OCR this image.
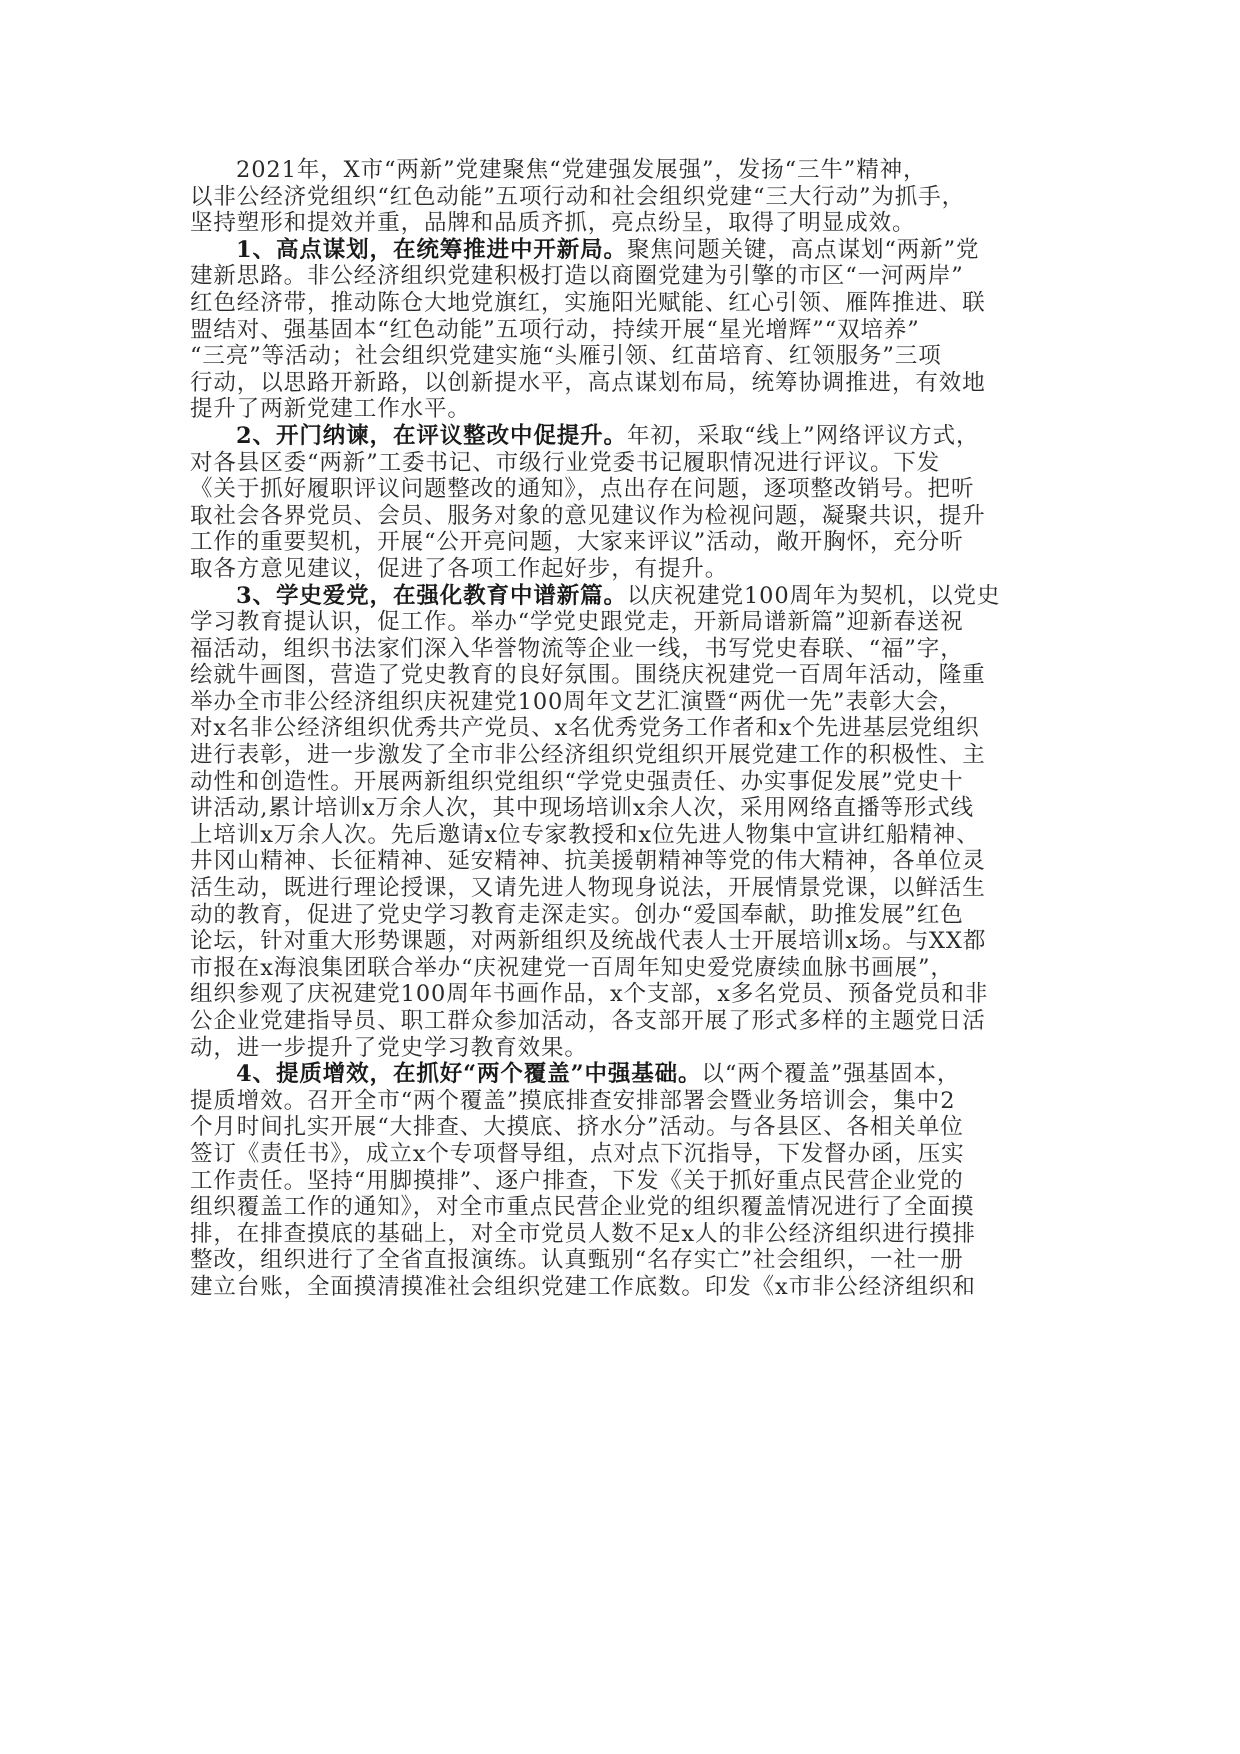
2021年，X市“两新”党建聚焦“党建强发展强”，发扬“三牛”精神，
以非公经济党组织“红色动能”五项行动和社会组织党建“三大行动”为抓手，
坚持塑形和提效并重，品牌和品质齐抓，亮点纷呈，取得了明显成效。
1、高点谋划，在统筹推进中开新局。聚焦问题关键，高点谋划“两新”党
建新思路。非公经济组织党建积极打造以商圈党建为引擎的市区“一河两岸”
红色经济带，推动陈仓大地党旗红，实施阳光赋能、红心引领、雁阵推进、联
盟结对、强基固本“红色动能”五项行动，持续开展“星光增辉”“双培养”
“三亮”等活动；社会组织党建实施“头雁引领、红苗培育、红领服务”三项
行动，以思路开新路，以创新提水平，高点谋划布局，统筹协调推进，有效地
提升了两新党建工作水平。
2、开门纳谏，在评议整改中促提升。年初，采取“线上”网络评议方式，
对各县区委“两新”工委书记、市级行业党委书记履职情况进行评议。下发
《关于抓好履职评议问题整改的通知》，点出存在问题，逐项整改销号。把听
取社会各界党员、会员、服务对象的意见建议作为检视问题，凝聚共识，提升
工作的重要契机，开展“公开亮问题，大家来评议”活动，敞开胸怀，充分听
取各方意见建议，促进了各项工作起好步，有提升。
3、学史爱党，在强化教育中谱新篇。以庆祝建党100周年为契机，以党史
学习教育提认识，促工作。举办“学党史跟党走，开新局谱新篇”迎新春送祝
福活动，组织书法家们深入华誉物流等企业一线，书写党史春联、“福”字，
绘就牛画图，营造了党史教育的良好氛围。围绕庆祝建党一百周年活动，隆重
举办全市非公经济组织庆祝建党100周年文艺汇演暨“两优一先”表彰大会，
对x名非公经济组织优秀共产党员、x名优秀党务工作者和x个先进基层党组织
进行表彰，进一步激发了全市非公经济组织党组织开展党建工作的积极性、主
动性和创造性。开展两新组织党组织“学党史强责任、办实事促发展”党史十
讲活动,累计培训x万余人次，其中现场培训x余人次，采用网络直播等形式线
上培训x万余人次。先后邀请x位专家教授和x位先进人物集中宣讲红船精神、
井冈山精神、长征精神、延安精神、抗美援朝精神等党的伟大精神，各单位灵
活生动，既进行理论授课，又请先进人物现身说法，开展情景党课，以鲜活生
动的教育，促进了党史学习教育走深走实。创办“爱国奉献，助推发展”红色
论坛，针对重大形势课题，对两新组织及统战代表人士开展培训x场。与XX都
市报在x海浪集团联合举办“庆祝建党一百周年知史爱党赓续血脉书画展”，
组织参观了庆祝建党100周年书画作品，x个支部，x多名党员、预备党员和非
公企业党建指导员、职工群众参加活动，各支部开展了形式多样的主题党日活
动，进一步提升了党史学习教育效果。
4、提质增效，在抓好“两个覆盖”中强基础。以“两个覆盖”强基固本，
提质增效。召开全市“两个覆盖”摸底排查安排部署会暨业务培训会，集中2
个月时间扎实开展“大排查、大摸底、挤水分”活动。与各县区、各相关单位
签订《责任书》，成立x个专项督导组，点对点下沉指导，下发督办函，压实
工作责任。坚持“用脚摸排”、逐户排查，下发《关于抓好重点民营企业党的
组织覆盖工作的通知》，对全市重点民营企业党的组织覆盖情况进行了全面摸
排，在排查摸底的基础上，对全市党员人数不足x人的非公经济组织进行摸排
整改，组织进行了全省直报演练。认真甄别“名存实亡”社会组织，一社一册
建立台账，全面摸清摸准社会组织党建工作底数。印发《x市非公经济组织和
